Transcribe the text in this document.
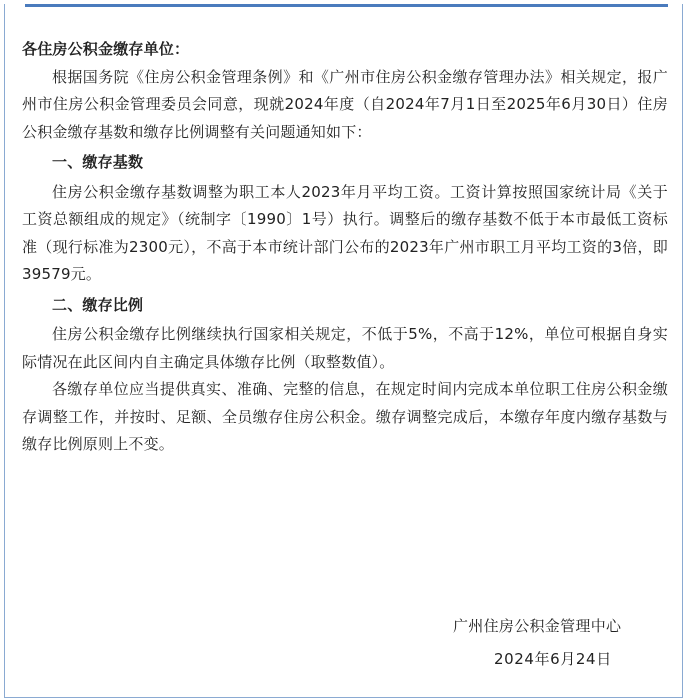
各住房公积金缴存单位：

根据国务院《住房公积金管理条例》和《广州市住房公积金缴存管理办法》相关规定，报广州市住房公积金管理委员会同意，现就2024年度（自2024年7月1日至2025年6月30日）住房公积金缴存基数和缴存比例调整有关问题通知如下：

一、缴存基数

住房公积金缴存基数调整为职工本人2023年月平均工资。工资计算按照国家统计局《关于工资总额组成的规定》（统制字〔1990〕1号）执行。调整后的缴存基数不低于本市最低工资标准（现行标准为2300元），不高于本市统计部门公布的2023年广州市职工月平均工资的3倍，即39579元。

二、缴存比例

住房公积金缴存比例继续执行国家相关规定，不低于5%，不高于12%，单位可根据自身实际情况在此区间内自主确定具体缴存比例（取整数值）。

各缴存单位应当提供真实、准确、完整的信息，在规定时间内完成本单位职工住房公积金缴存调整工作，并按时、足额、全员缴存住房公积金。缴存调整完成后，本缴存年度内缴存基数与缴存比例原则上不变。

广州住房公积金管理中心
2024年6月24日
